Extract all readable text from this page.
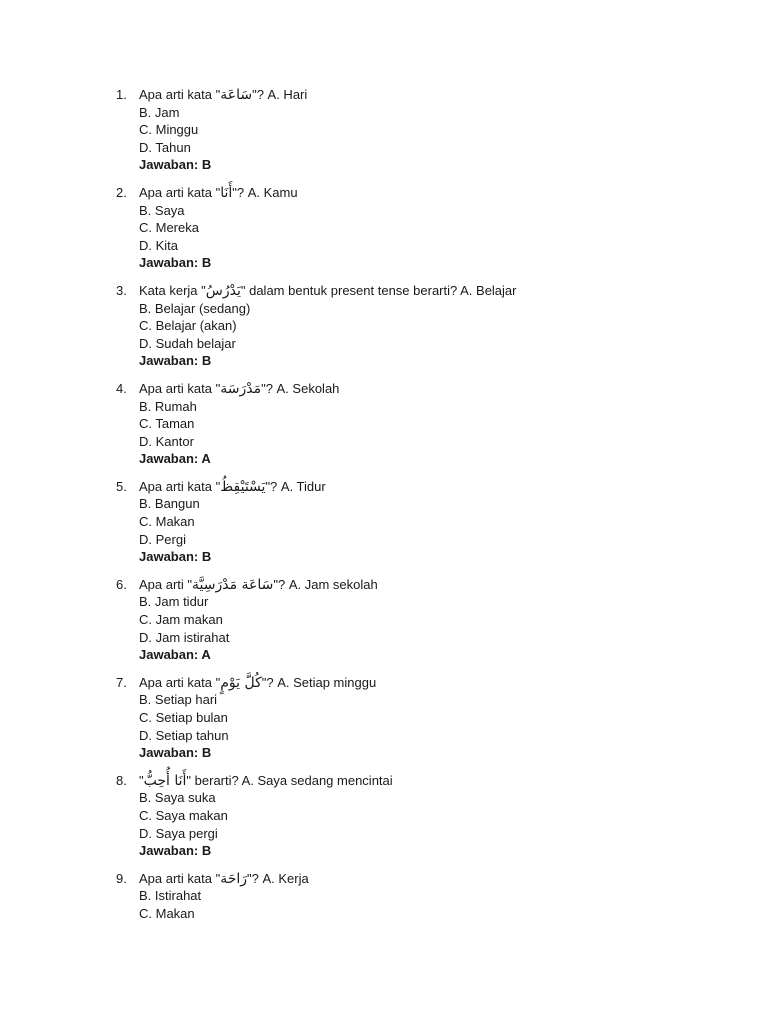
1. Apa arti kata "سَاعَة"? A. Hari
B. Jam
C. Minggu
D. Tahun
Jawaban: B
2. Apa arti kata "أَنَا"? A. Kamu
B. Saya
C. Mereka
D. Kita
Jawaban: B
3. Kata kerja "يَدْرُسُ" dalam bentuk present tense berarti? A. Belajar
B. Belajar (sedang)
C. Belajar (akan)
D. Sudah belajar
Jawaban: B
4. Apa arti kata "مَدْرَسَة"? A. Sekolah
B. Rumah
C. Taman
D. Kantor
Jawaban: A
5. Apa arti kata "يَسْتَيْقِظُ"? A. Tidur
B. Bangun
C. Makan
D. Pergi
Jawaban: B
6. Apa arti "سَاعَة مَدْرَسِيَّة"? A. Jam sekolah
B. Jam tidur
C. Jam makan
D. Jam istirahat
Jawaban: A
7. Apa arti kata "كُلَّ يَوْمٍ"? A. Setiap minggu
B. Setiap hari
C. Setiap bulan
D. Setiap tahun
Jawaban: B
8. "أَنَا أُحِبُّ" berarti? A. Saya sedang mencintai
B. Saya suka
C. Saya makan
D. Saya pergi
Jawaban: B
9. Apa arti kata "رَاحَة"? A. Kerja
B. Istirahat
C. Makan
